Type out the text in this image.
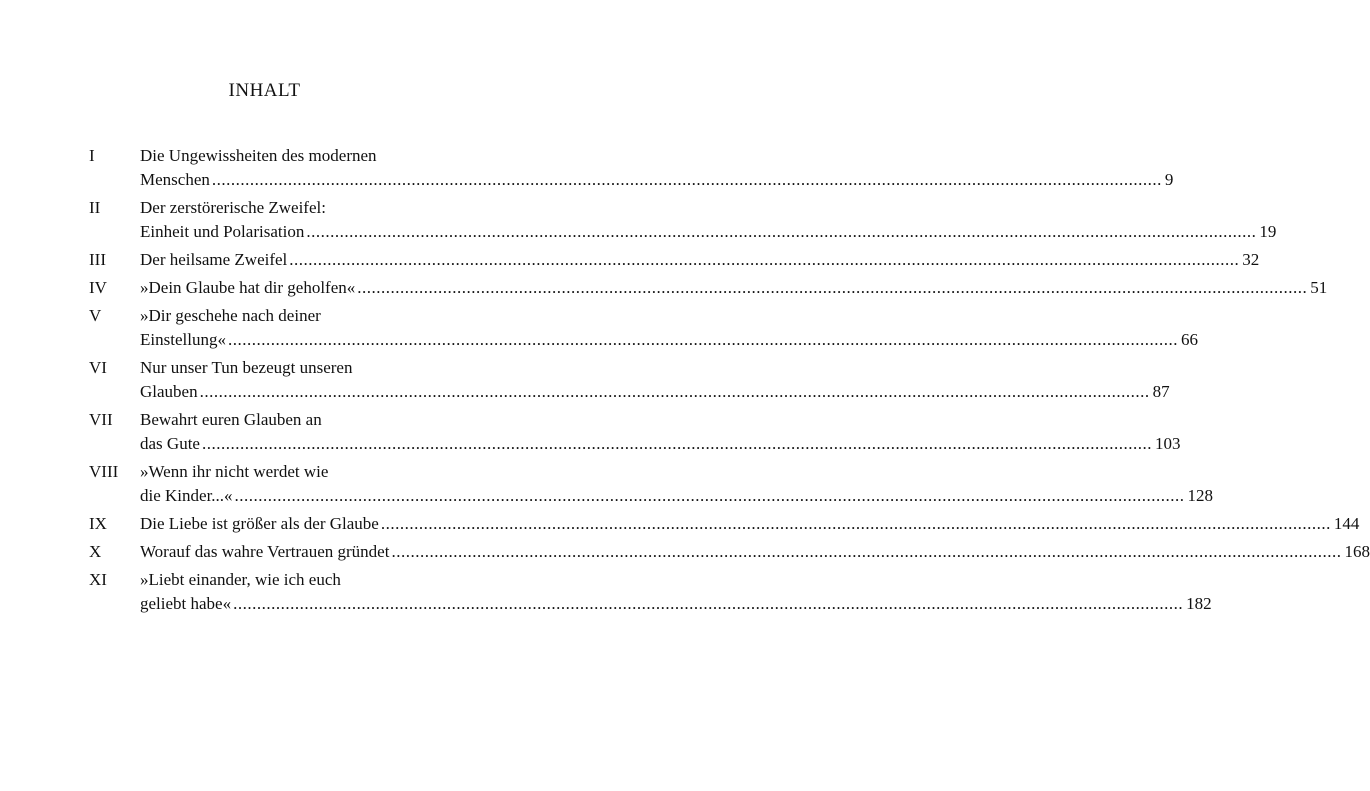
INHALT
I	Die Ungewissheiten des modernen
Menschen ........................................................................................................................................................................................................ 9
II Der zerstörerische Zweifel:
Einheit und Polarisation ........................................................................................................................................................................................................ 19
III Der heilsame Zweifel ........................................................................................................................................................................................................ 32
IV »Dein Glaube hat dir geholfen« ........................................................................................................................................................................................................ 51
V »Dir geschehe nach deiner
Einstellung« ........................................................................................................................................................................................................ 66
VI Nur unser Tun bezeugt unseren
Glauben ........................................................................................................................................................................................................ 87
VII Bewahrt euren Glauben an
das Gute ........................................................................................................................................................................................................ 103
VIII »Wenn ihr nicht werdet wie
die Kinder...« ........................................................................................................................................................................................................ 128
IX Die Liebe ist größer als der Glaube ........................................................................................................................................................................................................ 144
X Worauf das wahre Vertrauen gründet ........................................................................................................................................................................................................ 168
XI »Liebt einander, wie ich euch
geliebt habe« ........................................................................................................................................................................................................ 182
